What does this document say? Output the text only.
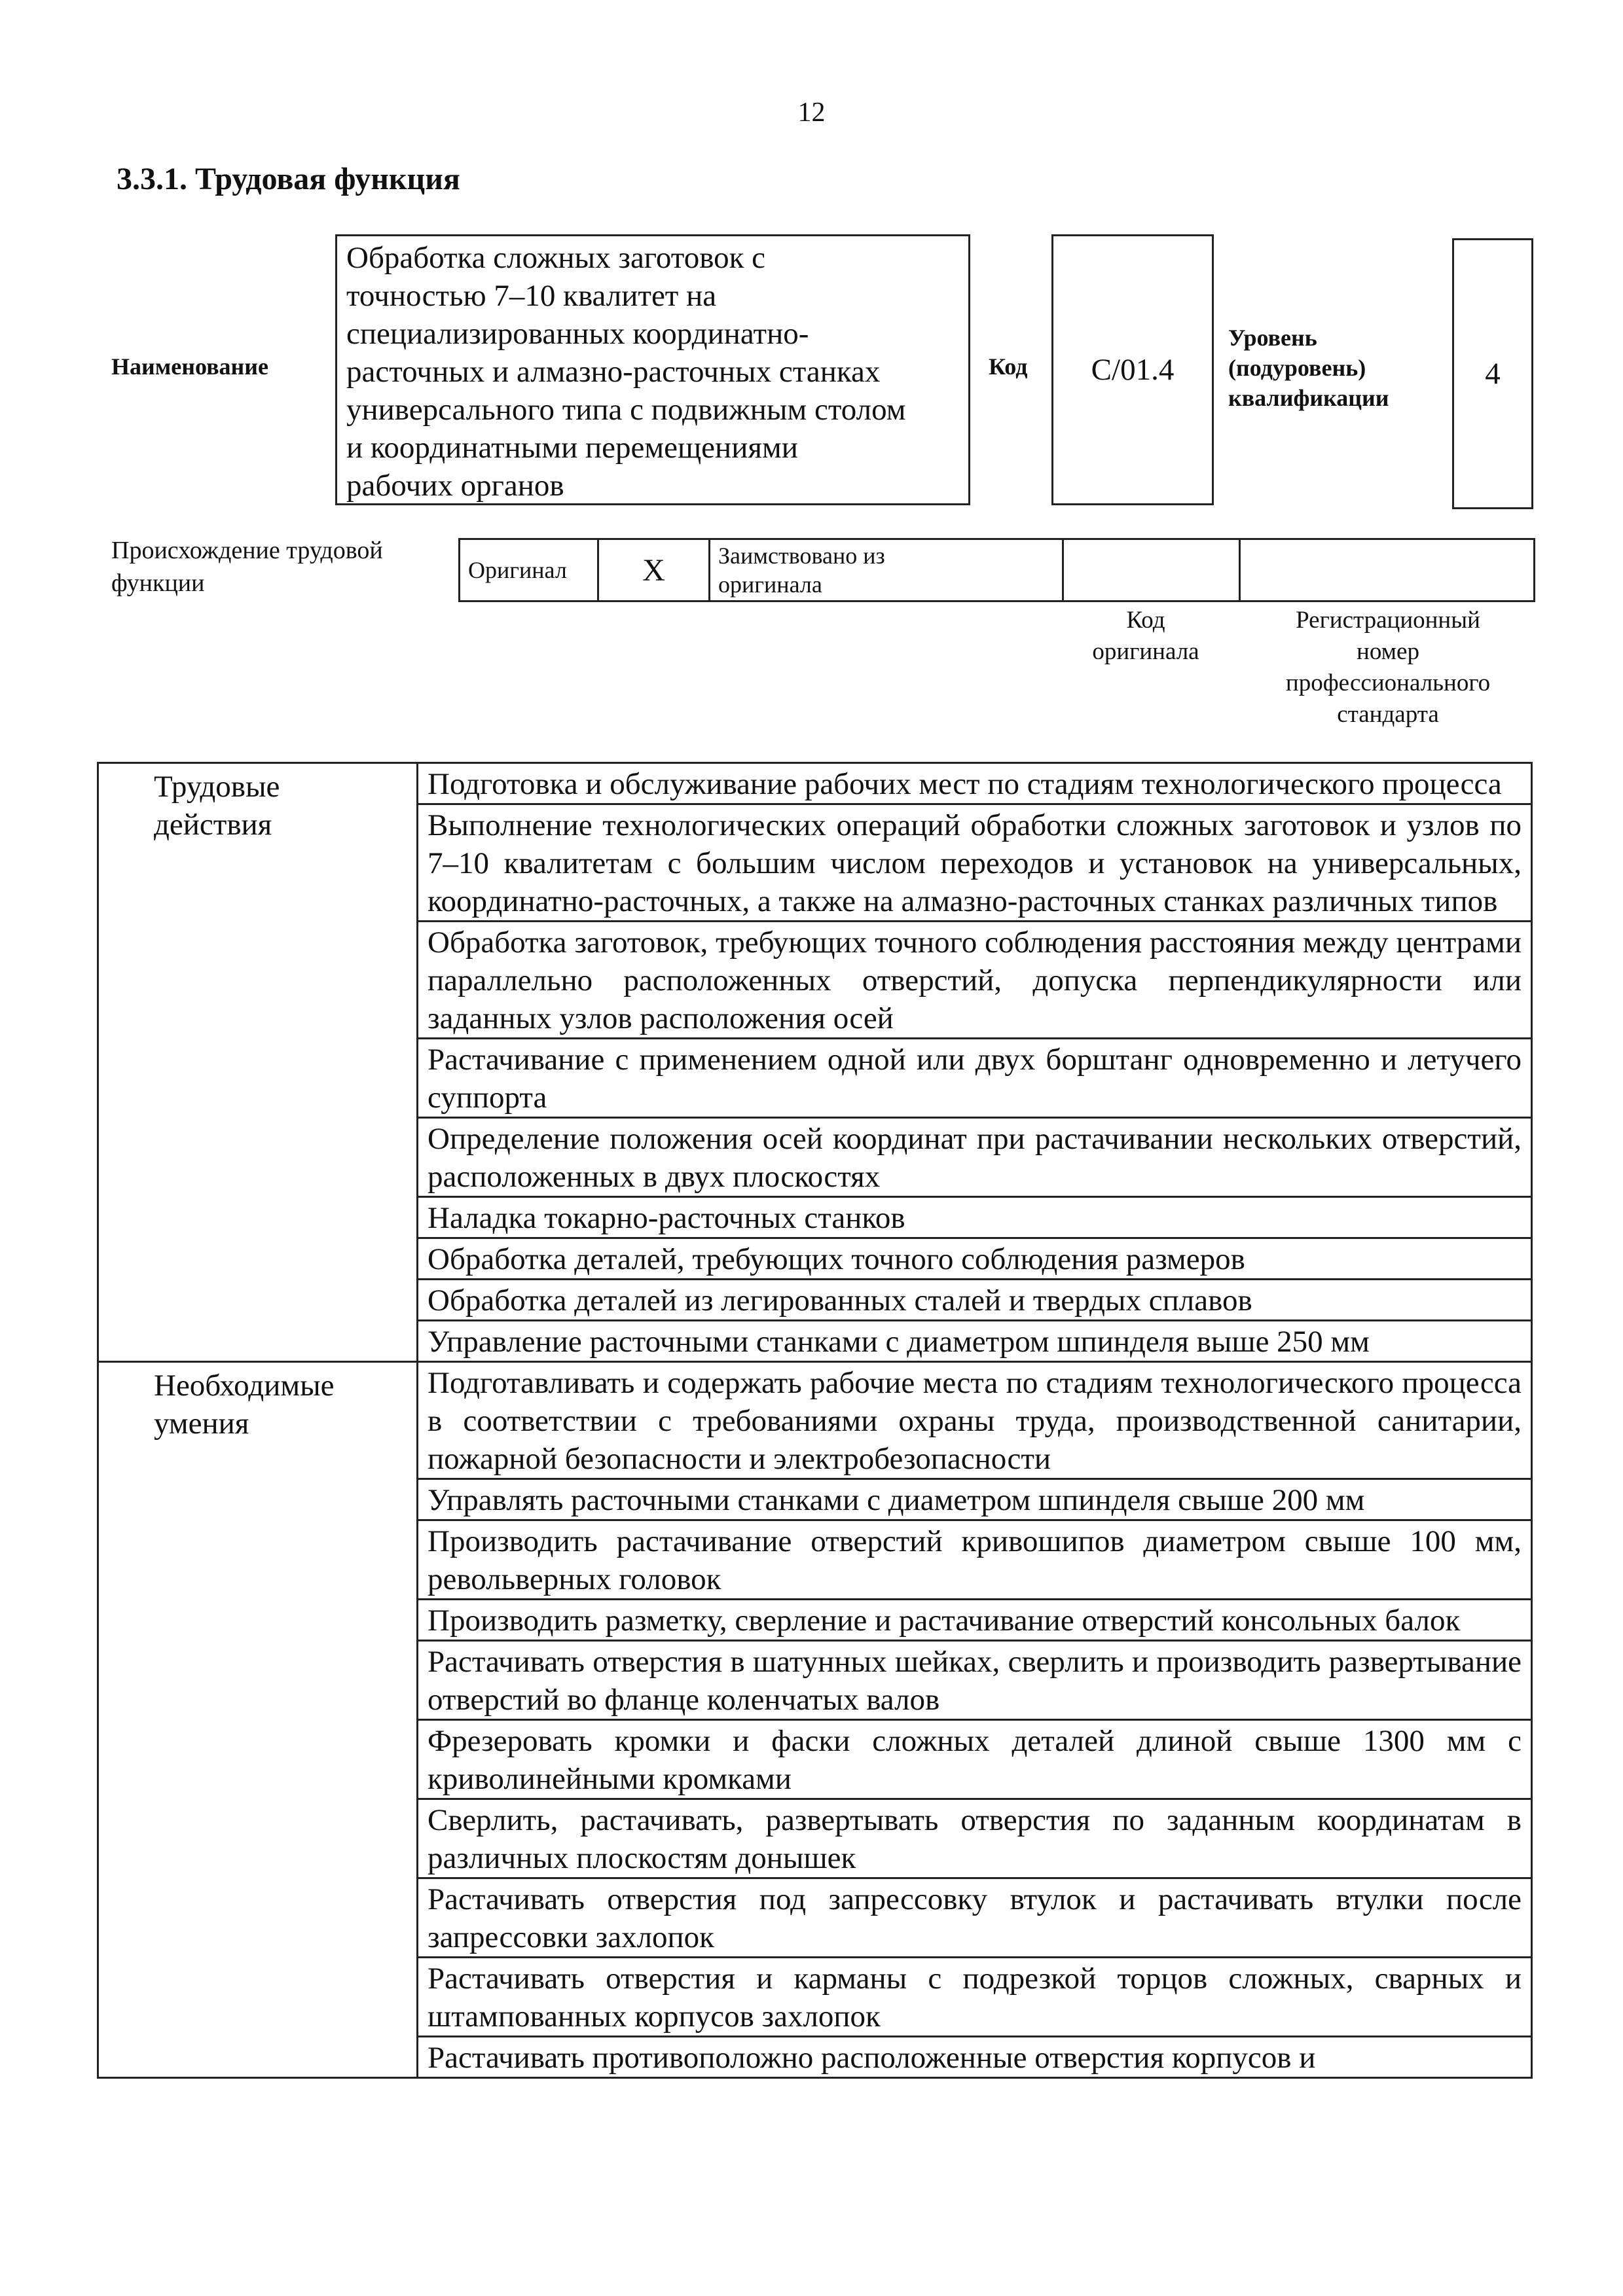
12
3.3.1. Трудовая функция
Наименование
Обработка сложных заготовок с
точностью 7–10 квалитет на
специализированных координатно-
расточных и алмазно-расточных станках
универсального типа с подвижным столом
и координатными перемещениями
рабочих органов
Код C/01.4
Уровень
(подуровень)
квалификации
4
Происхождение трудовой
функции	Оригинал	X	Заимствовано из
оригинала

Код
оригинала
Регистрационный
номер
профессионального
стандарта
Трудовые
действия	Подготовка и обслуживание рабочих мест по стадиям технологического процесса
	Выполнение технологических операций обработки сложных заготовок и узлов по 7–10 квалитетам с большим числом переходов и установок на универсальных, координатно-расточных, а также на алмазно-расточных станках различных типов
	Обработка заготовок, требующих точного соблюдения расстояния между центрами параллельно расположенных отверстий, допуска перпендикулярности или заданных узлов расположения осей
	Растачивание с применением одной или двух борштанг одновременно и летучего суппорта
	Определение положения осей координат при растачивании нескольких отверстий, расположенных в двух плоскостях
	Наладка токарно-расточных станков
	Обработка деталей, требующих точного соблюдения размеров
	Обработка деталей из легированных сталей и твердых сплавов
	Управление расточными станками с диаметром шпинделя выше 250 мм

Необходимые
умения	Подготавливать и содержать рабочие места по стадиям технологического процесса в соответствии с требованиями охраны труда, производственной санитарии, пожарной безопасности и электробезопасности
	Управлять расточными станками с диаметром шпинделя свыше 200 мм
	Производить растачивание отверстий кривошипов диаметром свыше 100 мм, револьверных головок
	Производить разметку, сверление и растачивание отверстий консольных балок
	Растачивать отверстия в шатунных шейках, сверлить и производить развертывание отверстий во фланце коленчатых валов
	Фрезеровать кромки и фаски сложных деталей длиной свыше 1300 мм с криволинейными кромками
	Сверлить, растачивать, развертывать отверстия по заданным координатам в различных плоскостям донышек
	Растачивать отверстия под запрессовку втулок и растачивать втулки после запрессовки захлопок
	Растачивать отверстия и карманы с подрезкой торцов сложных, сварных и штампованных корпусов захлопок
	Растачивать противоположно расположенные отверстия корпусов и
